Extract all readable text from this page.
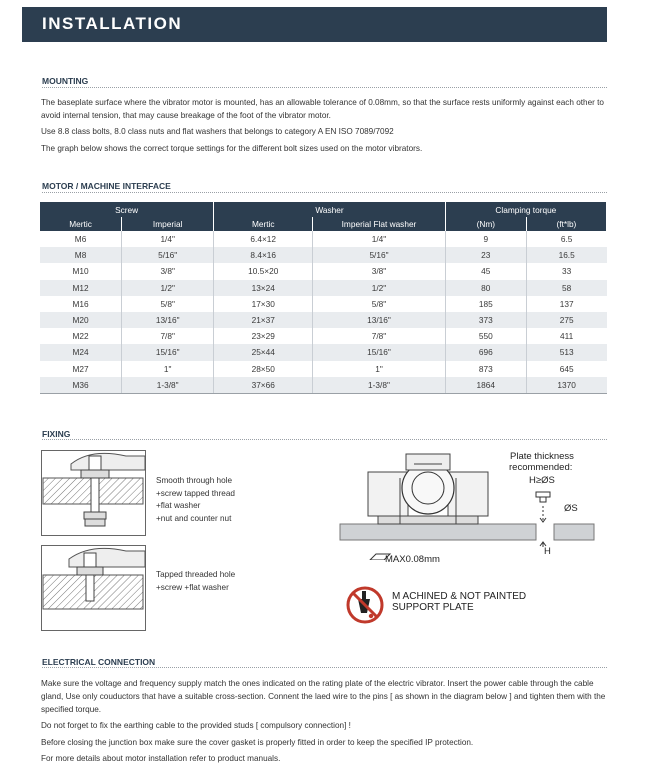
INSTALLATION
MOUNTING

The baseplate surface where the vibrator motor is mounted, has an allowable tolerance of 0.08mm, so that the surface rests uniformly against each other to avoid internal tension, that may cause breakage of the foot of the vibrator motor.

Use 8.8 class bolts, 8.0 class nuts and flat washers that belongs to category A EN ISO 7089/7092

The graph below shows the correct torque settings for the different bolt sizes used on the motor vibrators.

MOTOR / MACHINE INTERFACE
Screw		Washer		Clamping torque	
Mertic	Imperial	Mertic	Imperial Flat washer	(Nm)	(ft*lb)
M6	1/4"	6.4×12	1/4"	9	6.5
M8	5/16"	8.4×16	5/16"	23	16.5
M10	3/8"	10.5×20	3/8"	45	33
M12	1/2"	13×24	1/2"	80	58
M16	5/8"	17×30	5/8"	185	137
M20	13/16"	21×37	13/16"	373	275
M22	7/8"	23×29	7/8"	550	411
M24	15/16"	25×44	15/16"	696	513
M27	1"	28×50	1"	873	645
M36	1-3/8"	37×66	1-3/8"	1864	1370
FIXING
Smooth through hole
+screw tapped thread
+flat washer
+nut and counter nut
Tapped threaded hole
+screw +flat washer
Plate thickness
recommended:
H≥ØS
ØS
H
MAX0.08mm
M ACHINED & NOT PAINTED
SUPPORT PLATE
ELECTRICAL CONNECTION

Make sure the voltage and frequency supply match the ones indicated on the rating plate of the electric vibrator. Insert the power cable through the cable gland, Use only couductors that have a suitable cross-section. Connent the laed wire to the pins [ as shown in the diagram below ] and tighten them with the specified torque.

Do not forget to fix the earthing cable to the provided studs [ compulsory connection] !

Before closing the junction box make sure the cover gasket is properly fitted in order to keep the specified IP protection.

For more details about motor installation refer to product manuals.
